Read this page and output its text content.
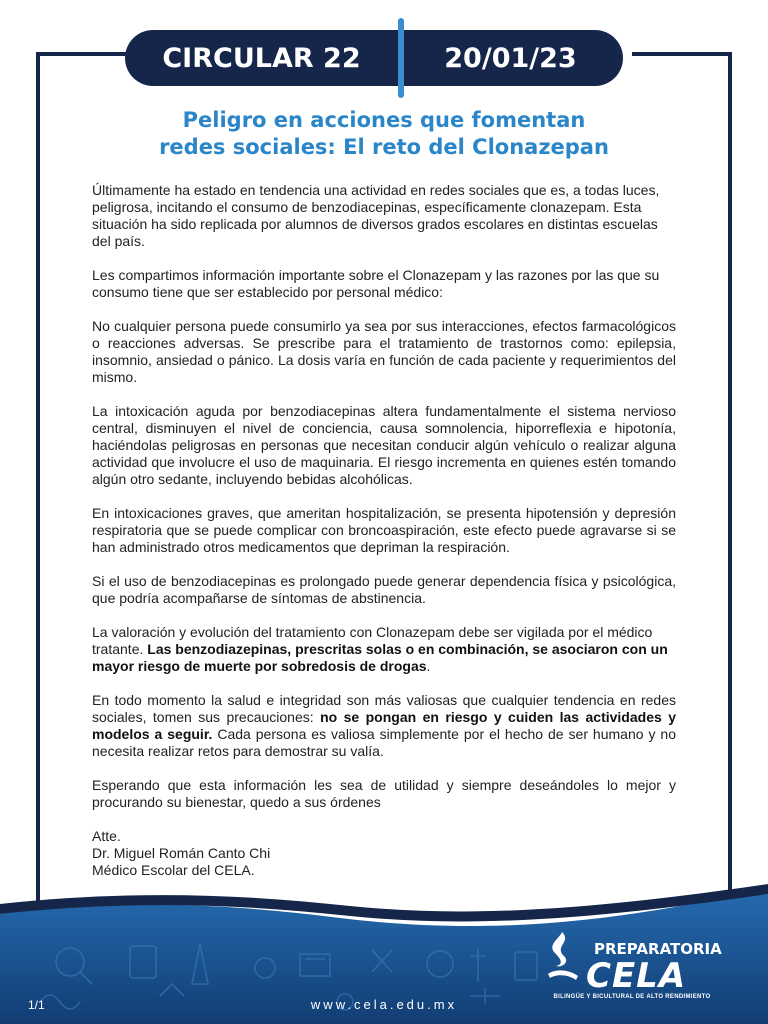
CIRCULAR 22	20/01/23
Peligro en acciones que fomentan
redes sociales: El reto del Clonazepan

Últimamente ha estado en tendencia una actividad en redes sociales que es, a todas luces, peligrosa, incitando el consumo de benzodiacepinas, específicamente clonazepam. Esta situación ha sido replicada por alumnos de diversos grados escolares en distintas escuelas del país.

Les compartimos información importante sobre el Clonazepam y las razones por las que su consumo tiene que ser establecido por personal médico:

No cualquier persona puede consumirlo ya sea por sus interacciones, efectos farmacológicos o reacciones adversas. Se prescribe para el tratamiento de trastornos como: epilepsia, insomnio, ansiedad o pánico. La dosis varía en función de cada paciente y requerimientos del mismo.

La intoxicación aguda por benzodiacepinas altera fundamentalmente el sistema nervioso central, disminuyen el nivel de conciencia, causa somnolencia, hiporreflexia e hipotonía, haciéndolas peligrosas en personas que necesitan conducir algún vehículo o realizar alguna actividad que involucre el uso de maquinaria. El riesgo incrementa en quienes estén tomando algún otro sedante, incluyendo bebidas alcohólicas.

En intoxicaciones graves, que ameritan hospitalización, se presenta hipotensión y depresión respiratoria que se puede complicar con broncoaspiración, este efecto puede agravarse si se han administrado otros medicamentos que depriman la respiración.

Si el uso de benzodiacepinas es prolongado puede generar dependencia física y psicológica, que podría acompañarse de síntomas de abstinencia.

La valoración y evolución del tratamiento con Clonazepam debe ser vigilada por el médico tratante. Las benzodiazepinas, prescritas solas o en combinación, se asociaron con un mayor riesgo de muerte por sobredosis de drogas.

En todo momento la salud e integridad son más valiosas que cualquier tendencia en redes sociales, tomen sus precauciones: no se pongan en riesgo y cuiden las actividades y modelos a seguir. Cada persona es valiosa simplemente por el hecho de ser humano y no necesita realizar retos para demostrar su valía.

Esperando que esta información les sea de utilidad y siempre deseándoles lo mejor y procurando su bienestar, quedo a sus órdenes

Atte.
Dr. Miguel Román Canto Chi
Médico Escolar del CELA.
1/1	www.cela.edu.mx
PREPARATORIA
CELA
BILINGÜE Y BICULTURAL DE ALTO RENDIMIENTO
